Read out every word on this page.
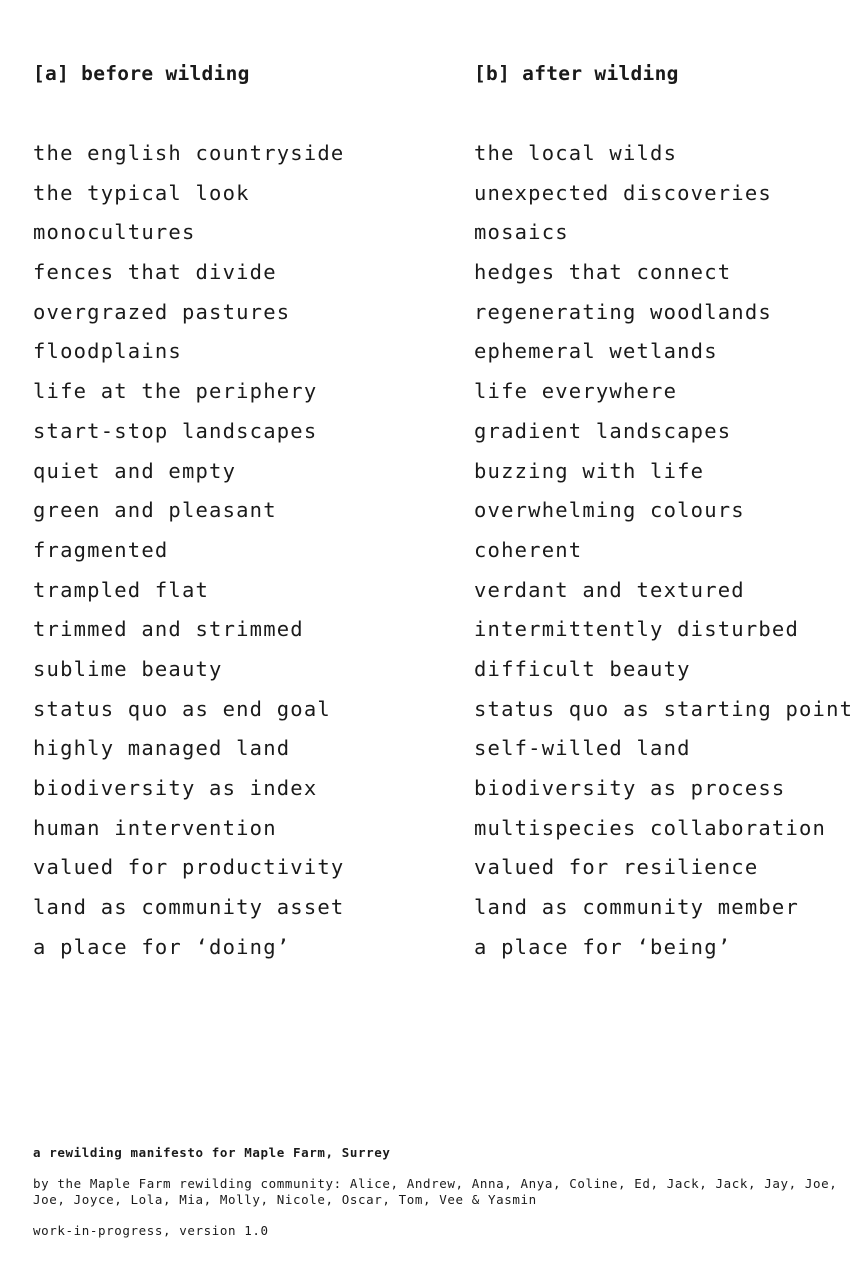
[a] before wilding
the english countryside
the typical look
monocultures
fences that divide
overgrazed pastures
floodplains
life at the periphery
start-stop landscapes
quiet and empty
green and pleasant
fragmented
trampled flat
trimmed and strimmed
sublime beauty
status quo as end goal
highly managed land
biodiversity as index
human intervention
valued for productivity
land as community asset
a place for ‘doing’
[b] after wilding
the local wilds
unexpected discoveries
mosaics
hedges that connect
regenerating woodlands
ephemeral wetlands
life everywhere
gradient landscapes
buzzing with life
overwhelming colours
coherent
verdant and textured
intermittently disturbed
difficult beauty
status quo as starting point
self-willed land
biodiversity as process
multispecies collaboration
valued for resilience
land as community member
a place for ‘being’

a rewilding manifesto for Maple Farm, Surrey

by the Maple Farm rewilding community: Alice, Andrew, Anna, Anya, Coline, Ed, Jack, Jack, Jay, Joe, Joe, Joyce, Lola, Mia, Molly, Nicole, Oscar, Tom, Vee & Yasmin

work-in-progress, version 1.0
